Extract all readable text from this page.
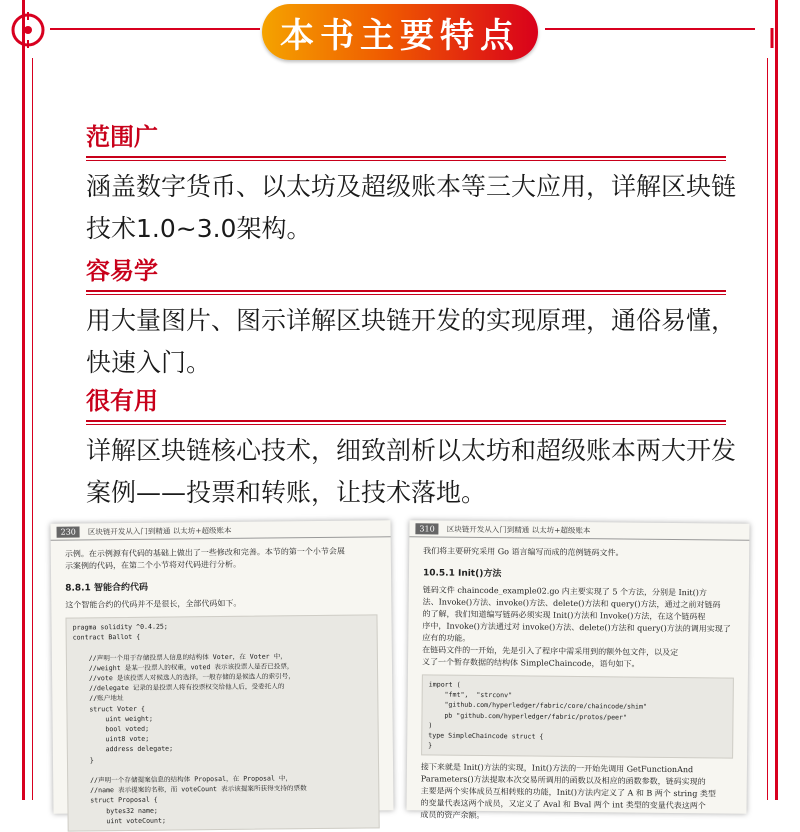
本书主要特点
范围广

涵盖数字货币、以太坊及超级账本等三大应用，详解区块链
技术1.0~3.0架构。

容易学

用大量图片、图示详解区块链开发的实现原理，通俗易懂，
快速入门。

很有用

详解区块链核心技术，细致剖析以太坊和超级账本两大开发
案例——投票和转账，让技术落地。

230	区块链开发从入门到精通 以太坊+超级账本

示例。在示例源有代码的基础上做出了一些修改和完善。本节的第一个小节会展
示案例的代码，在第二个小节将对代码进行分析。

8.8.1 智能合约代码

这个智能合约的代码并不是很长，全部代码如下。

pragma solidity ^0.4.25;
contract Ballot {

//声明一个用于存储投票人信息的结构体 Voter，在 Voter 中，
//weight 是某一投票人的权重，voted 表示该投票人是否已投票，
//vote 是该投票人对候选人的选择，一般存储的是候选人的索引号，
//delegate 记录的是投票人将有投票权交给他人后，受委托人的
//账户地址
struct Voter {
uint weight;
bool voted;
uint8 vote;
address delegate;
}

//声明一个存储提案信息的结构体 Proposal，在 Proposal 中，
//name 表示提案的名称，而 voteCount 表示该提案所获得支持的票数
struct Proposal {
bytes32 name;
uint voteCount;
310	区块链开发从入门到精通 以太坊+超级账本

我们将主要研究采用 Go 语言编写而成的范例链码文件。

10.5.1 Init()方法

链码文件 chaincode_example02.go 内主要实现了 5 个方法，分别是 Init()方
法、Invoke()方法、invoke()方法、delete()方法和 query()方法，通过之前对链码
的了解，我们知道编写链码必须实现 Init()方法和 Invoke()方法，在这个链码程
序中，Invoke()方法通过对 invoke()方法、delete()方法和 query()方法的调用实现了
应有的功能。
在链码文件的一开始，先是引入了程序中需采用到的额外包文件，以及定
义了一个暂存数据的结构体 SimpleChaincode，语句如下。

import (
"fmt",  "strconv"
"github.com/hyperledger/fabric/core/chaincode/shim"
pb "github.com/hyperledger/fabric/protos/peer"
)
type SimpleChaincode struct {
}

接下来就是 Init()方法的实现，Init()方法的一开始先调用 GetFunctionAnd
Parameters()方法提取本次交易所调用的函数以及相应的函数参数，链码实现的
主要是两个实体成员互相转账的功能，Init()方法内定义了 A 和 B 两个 string 类型
的变量代表这两个成员，又定义了 Aval 和 Bval 两个 int 类型的变量代表这两个
成员的资产余额。
